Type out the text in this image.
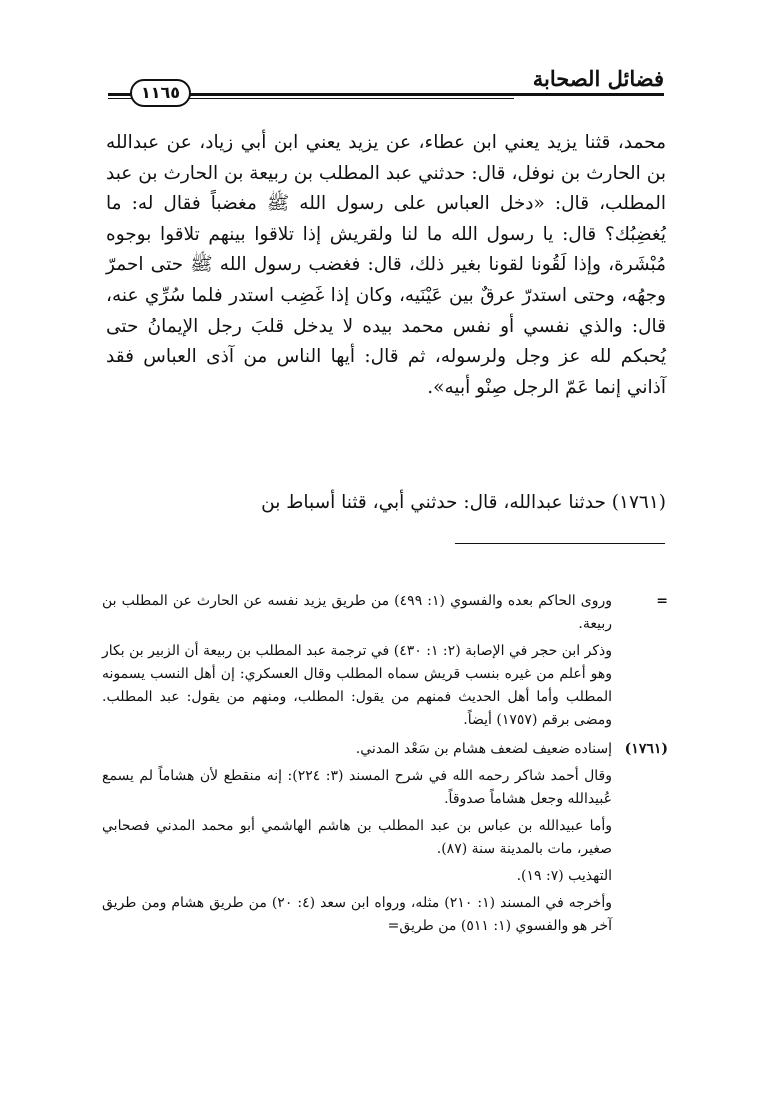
فضائل الصحابة
١١٦٥

محمد، قثنا يزيد يعني ابن عطاء، عن يزيد يعني ابن أبي زياد، عن عبدالله بن الحارث بن نوفل، قال: حدثني عبد المطلب بن ربيعة بن الحارث بن عبد المطلب، قال: «دخل العباس على رسول الله ﷺ مغضباً فقال له: ما يُغضِبُك؟ قال: يا رسول الله ما لنا ولقريش إذا تلاقوا بينهم تلاقوا بوجوه مُبْشَرة، وإذا لَقُونا لقونا بغير ذلك، قال: فغضب رسول الله ﷺ حتى احمرّ وجهُه، وحتى استدرّ عرقٌ بين عَيْنَيه، وكان إذا غَضِب استدر فلما سُرِّي عنه، قال: والذي نفسي أو نفس محمد بيده لا يدخل قلبَ رجل الإيمانُ حتى يُحبكم لله عز وجل ولرسوله، ثم قال: أيها الناس من آذى العباس فقد آذاني إنما عَمّ الرجل صِنْو أبيه».

(١٧٦١) حدثنا عبدالله، قال: حدثني أبي، قثنا أسباط بن
=

وروى الحاكم بعده والفسوي (١: ٤٩٩) من طريق يزيد نفسه عن الحارث عن المطلب بن ربيعة.

وذكر ابن حجر في الإصابة (٢: ١: ٤٣٠) في ترجمة عبد المطلب بن ربيعة أن الزبير بن بكار وهو أعلم من غيره بنسب قريش سماه المطلب وقال العسكري: إن أهل النسب يسمونه المطلب وأما أهل الحديث فمنهم من يقول: المطلب، ومنهم من يقول: عبد المطلب. ومضى برقم (١٧٥٧) أيضاً.

(١٧٦١)

إسناده ضعيف لضعف هشام بن سَعْد المدني.

وقال أحمد شاكر رحمه الله في شرح المسند (٣: ٢٢٤): إنه منقطع لأن هشاماً لم يسمع عُبيدالله وجعل هشاماً صدوقاً.

وأما عبيدالله بن عباس بن عبد المطلب بن هاشم الهاشمي أبو محمد المدني فصحابي صغير، مات بالمدينة سنة (٨٧).

التهذيب (٧: ١٩).

وأخرجه في المسند (١: ٢١٠) مثله، ورواه ابن سعد (٤: ٢٠) من طريق هشام ومن طريق آخر هو والفسوي (١: ٥١١) من طريق=
